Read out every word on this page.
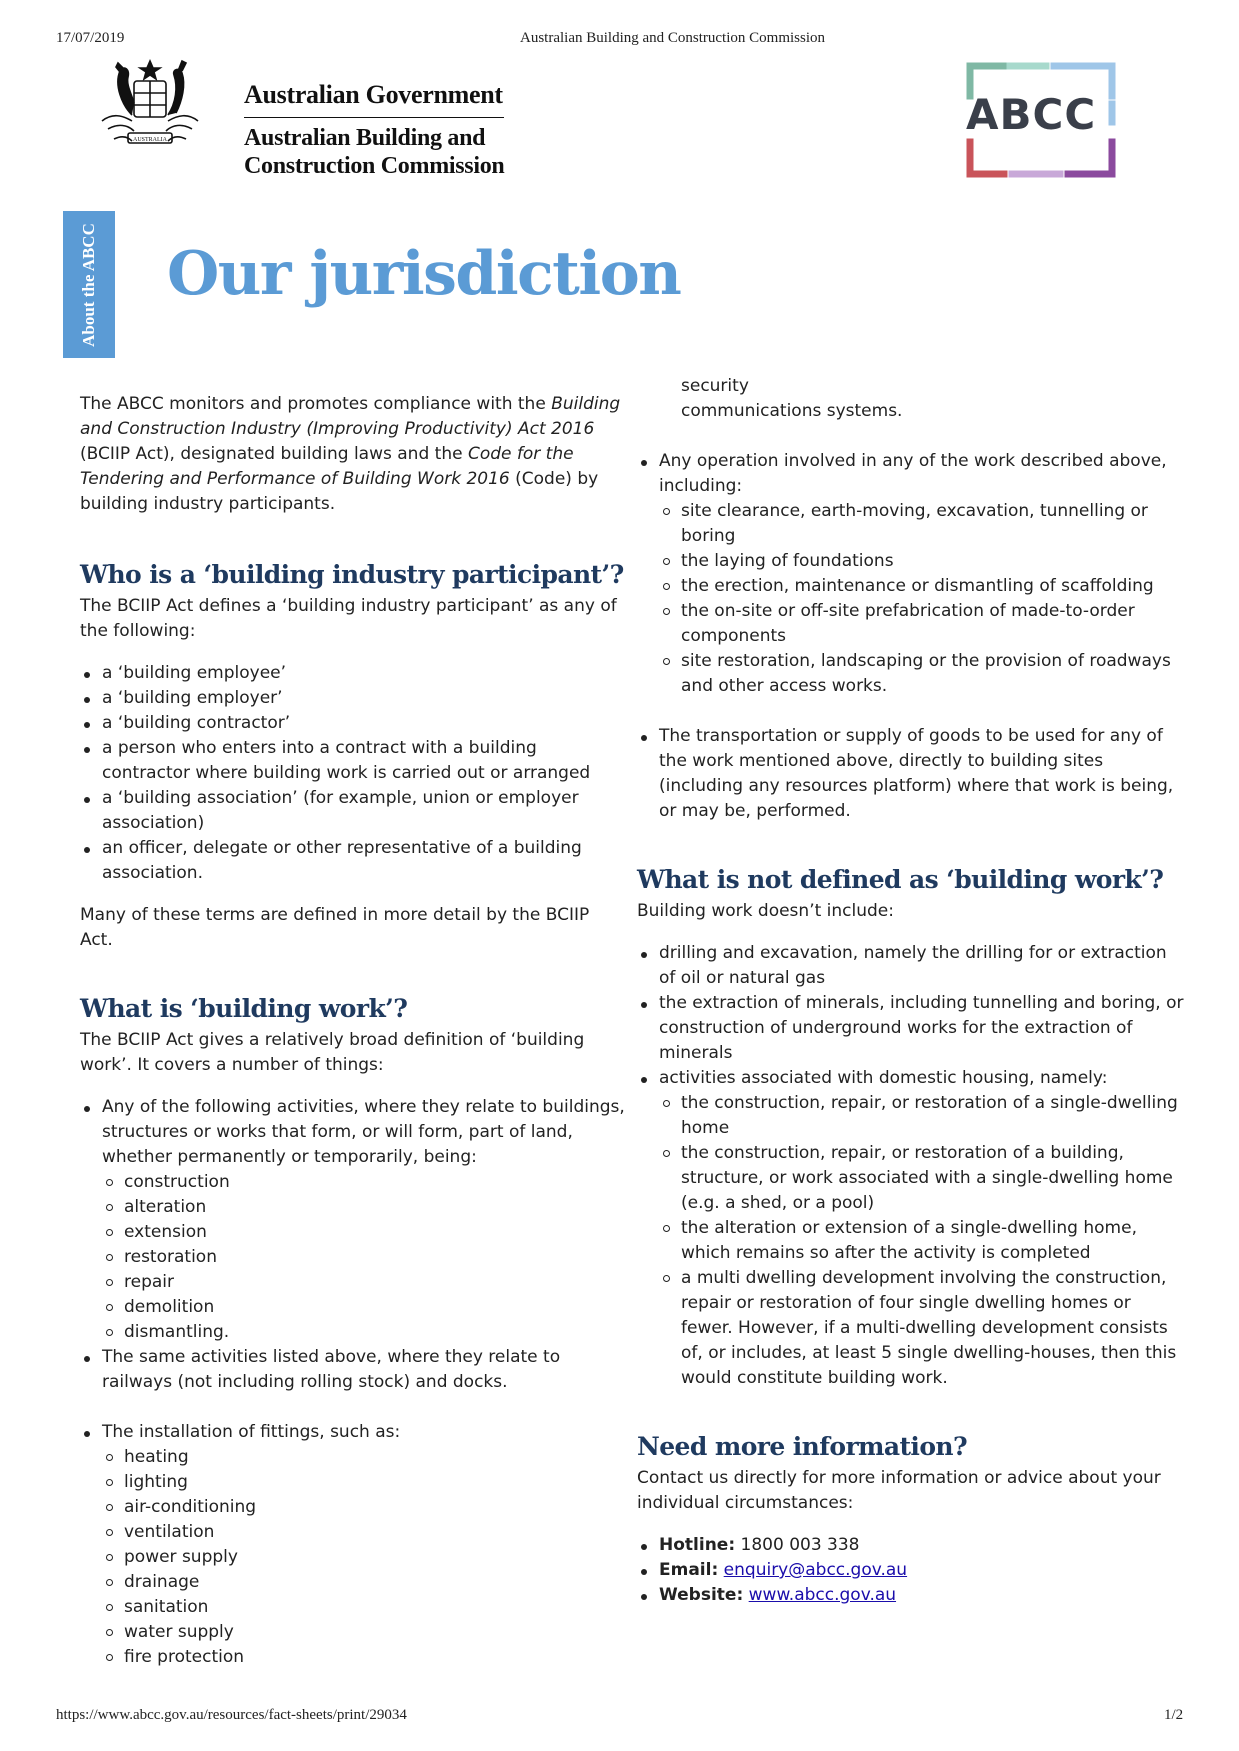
17/07/2019	Australian Building and Construction Commission
AUSTRALIA
Australian Government
Australian Building and
Construction Commission
ABCC
About the ABCC Our jurisdiction

The ABCC monitors and promotes compliance with the Building and Construction Industry (Improving Productivity) Act 2016 (BCIIP Act), designated building laws and the Code for the Tendering and Performance of Building Work 2016 (Code) by building industry participants.

Who is a ‘building industry participant’?

The BCIIP Act defines a ‘building industry participant’ as any of the following:

a ‘building employee’
a ‘building employer’
a ‘building contractor’
a person who enters into a contract with a building contractor where building work is carried out or arranged
a ‘building association’ (for example, union or employer association)
an officer, delegate or other representative of a building association.

Many of these terms are defined in more detail by the BCIIP Act.

What is ‘building work’?

The BCIIP Act gives a relatively broad definition of ‘building work’. It covers a number of things:

Any of the following activities, where they relate to buildings, structures or works that form, or will form, part of land, whether permanently or temporarily, being:
construction
alteration
extension
restoration
repair
demolition
dismantling.
The same activities listed above, where they relate to railways (not including rolling stock) and docks.
The installation of fittings, such as:
heating
lighting
air-conditioning
ventilation
power supply
drainage
sanitation
water supply
fire protection
security
communications systems.
Any operation involved in any of the work described above, including:
site clearance, earth-moving, excavation, tunnelling or boring
the laying of foundations
the erection, maintenance or dismantling of scaffolding
the on-site or off-site prefabrication of made-to-order components
site restoration, landscaping or the provision of roadways and other access works.
The transportation or supply of goods to be used for any of the work mentioned above, directly to building sites (including any resources platform) where that work is being, or may be, performed.
What is not defined as ‘building work’?

Building work doesn’t include:

drilling and excavation, namely the drilling for or extraction of oil or natural gas
the extraction of minerals, including tunnelling and boring, or construction of underground works for the extraction of minerals
activities associated with domestic housing, namely:
the construction, repair, or restoration of a single-dwelling home
the construction, repair, or restoration of a building, structure, or work associated with a single-dwelling home (e.g. a shed, or a pool)
the alteration or extension of a single-dwelling home, which remains so after the activity is completed
a multi dwelling development involving the construction, repair or restoration of four single dwelling homes or fewer. However, if a multi-dwelling development consists of, or includes, at least 5 single dwelling-houses, then this would constitute building work.
Need more information?

Contact us directly for more information or advice about your individual circumstances:

Hotline: 1800 003 338
Email: enquiry@abcc.gov.au
Website: www.abcc.gov.au
https://www.abcc.gov.au/resources/fact-sheets/print/29034	1/2
